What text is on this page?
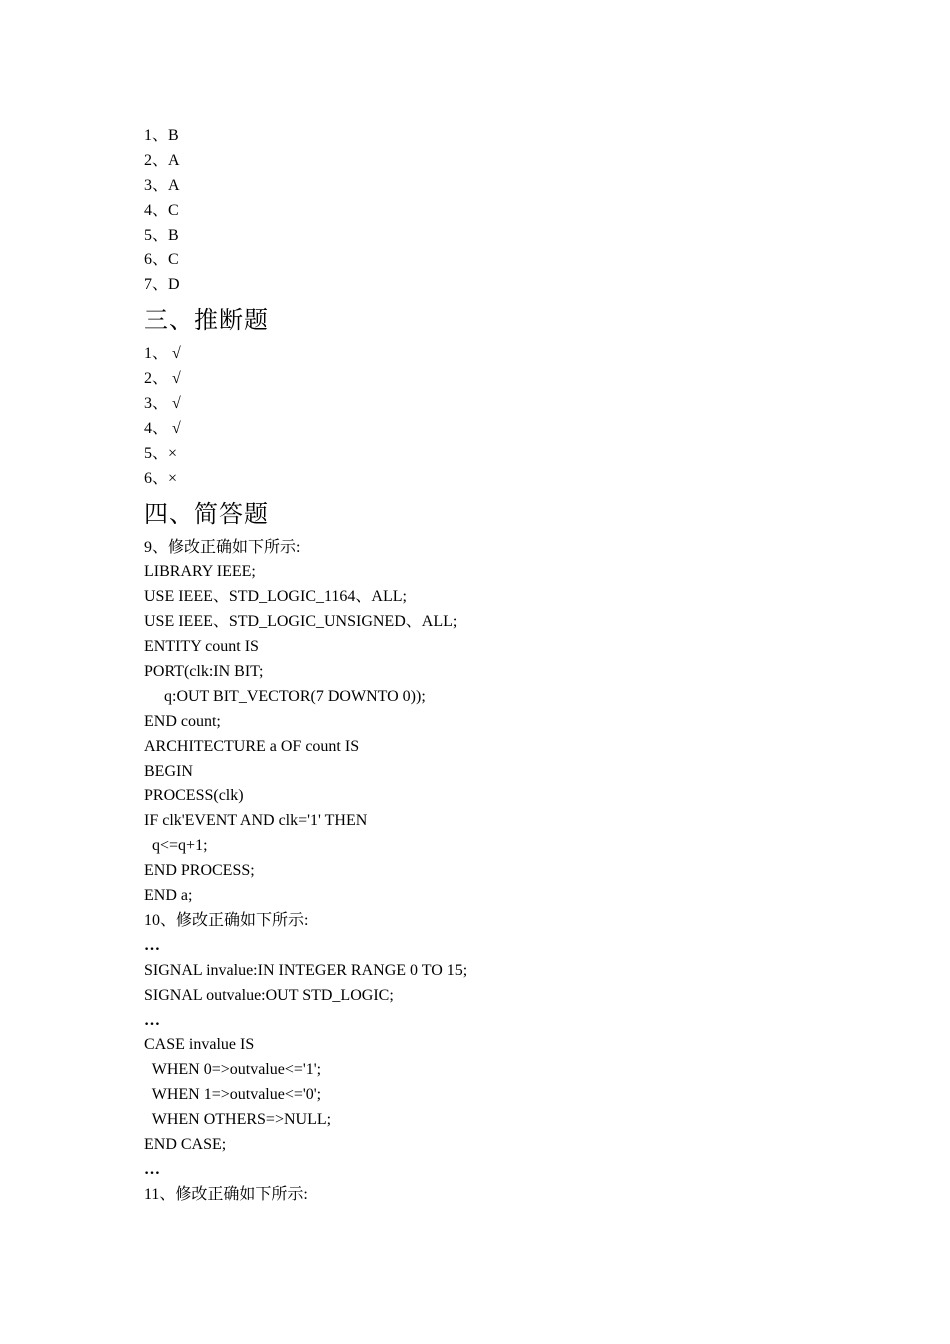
1、B

2、A

3、A

4、C

5、B

6、C

7、D

三、推断题

1、 √

2、 √

3、 √

4、 √

5、×

6、×

四、简答题

9、修改正确如下所示:

LIBRARY IEEE;

USE IEEE、STD_LOGIC_1164、ALL;

USE IEEE、STD_LOGIC_UNSIGNED、ALL;

ENTITY count IS

PORT(clk:IN BIT;

q:OUT BIT_VECTOR(7 DOWNTO 0));

END count;

ARCHITECTURE a OF count IS

BEGIN

PROCESS(clk)

IF clk'EVENT AND clk='1' THEN

q<=q+1;

END PROCESS;

END a;

10、修改正确如下所示:

…

SIGNAL invalue:IN INTEGER RANGE 0 TO 15;

SIGNAL outvalue:OUT STD_LOGIC;

…

CASE invalue IS

WHEN 0=>outvalue<='1';

WHEN 1=>outvalue<='0';

WHEN OTHERS=>NULL;

END CASE;

…

11、修改正确如下所示:
